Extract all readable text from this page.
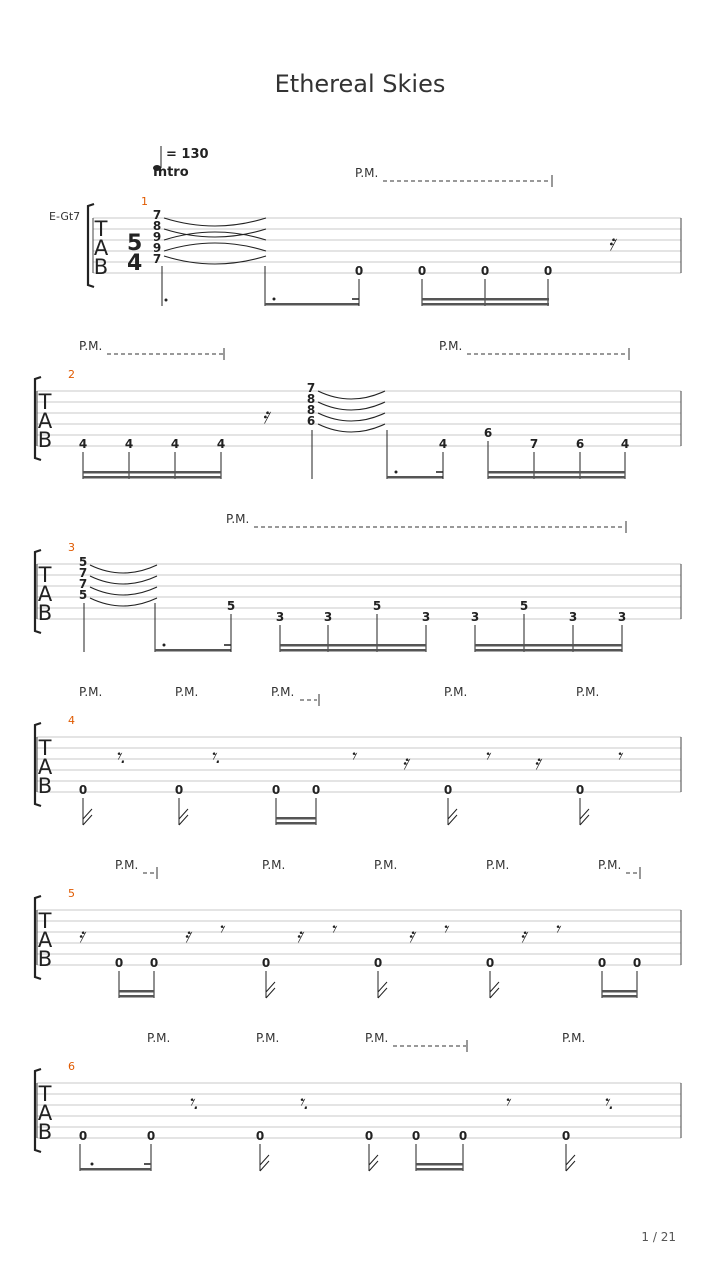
Ethereal Skies
= 130
Intro
E-Gt7
T
A
B
1
P.M.
5
4
7
8
9
9
7
0	0	0	0
𝄿
T
A
B
2
P.M.	P.M.
4	4	4	4
𝄿
7
8
8
6
4
6
7	6	4
T
A
B
3
P.M.
5
7
7
5
5
3	3
5
3	3
5
3	3
T
A
B
4
P.M.	P.M.	P.M.	P.M.	P.M.
0	0	0	0	0	0
𝄾.	𝄾.	𝄾 𝄿	𝄾 𝄿	𝄾
T
A
B
5
P.M.	P.M.	P.M.	P.M.	P.M.
0 0	0	0	0	0 0
𝄿	𝄿 𝄾	𝄿 𝄾	𝄿 𝄾	𝄿 𝄾
T
A
B
6
P.M.	P.M.	P.M.	P.M.
0	0	0	0	0	0	0
𝄾.	𝄾.	𝄾	𝄾.
1 / 21
